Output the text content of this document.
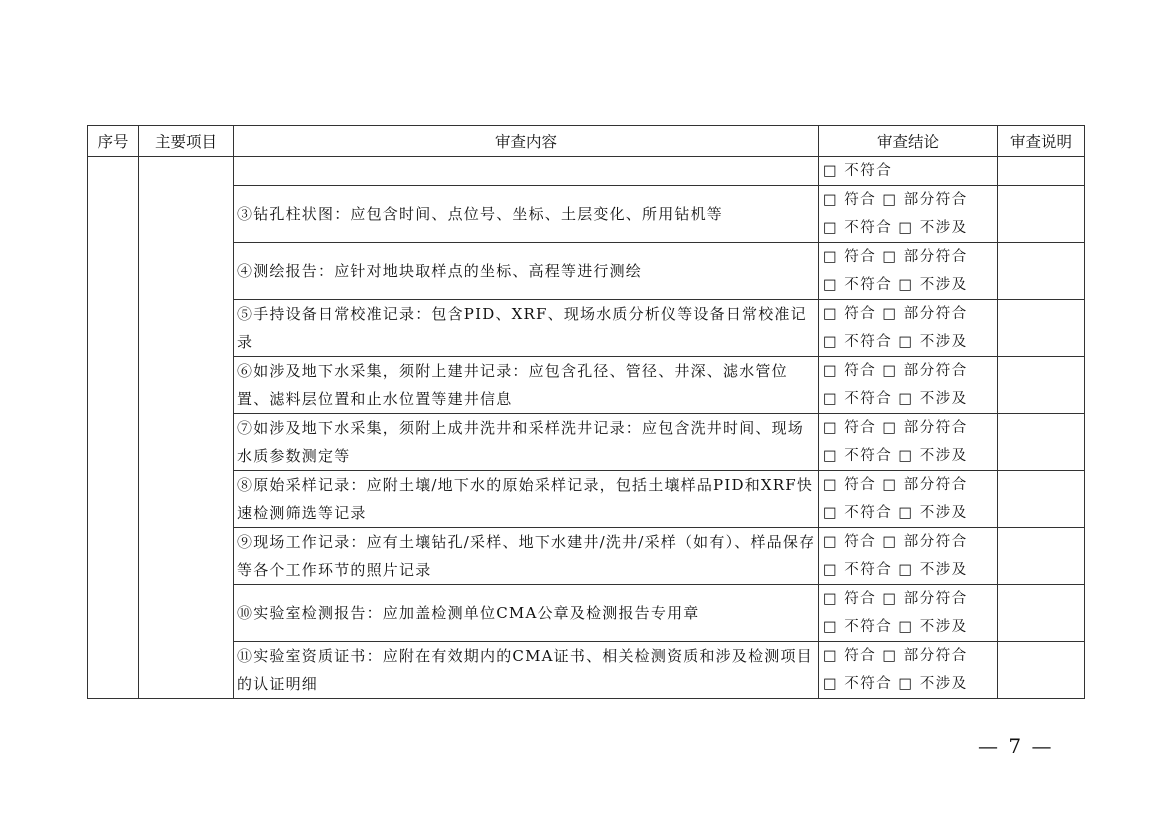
序号	主要项目	审查内容	审查结论	审查说明
			□ 不符合	
		③钻孔柱状图：应包含时间、点位号、坐标、土层变化、所用钻机等	□ 符合 □ 部分符合
□ 不符合 □ 不涉及	

		④测绘报告：应针对地块取样点的坐标、高程等进行测绘	□ 符合 □ 部分符合
□ 不符合 □ 不涉及	

		⑤手持设备日常校准记录：包含PID、XRF、现场水质分析仪等设备日常校准记录	□ 符合 □ 部分符合
□ 不符合 □ 不涉及	

		⑥如涉及地下水采集，须附上建井记录：应包含孔径、管径、井深、滤水管位置、滤料层位置和止水位置等建井信息	□ 符合 □ 部分符合
□ 不符合 □ 不涉及	

		⑦如涉及地下水采集，须附上成井洗井和采样洗井记录：应包含洗井时间、现场水质参数测定等	□ 符合 □ 部分符合
□ 不符合 □ 不涉及	

		⑧原始采样记录：应附土壤/地下水的原始采样记录，包括土壤样品PID和XRF快速检测筛选等记录	□ 符合 □ 部分符合
□ 不符合 □ 不涉及	

		⑨现场工作记录：应有土壤钻孔/采样、地下水建井/洗井/采样（如有）、样品保存等各个工作环节的照片记录	□ 符合 □ 部分符合
□ 不符合 □ 不涉及	

		⑩实验室检测报告：应加盖检测单位CMA公章及检测报告专用章	□ 符合 □ 部分符合
□ 不符合 □ 不涉及	

		⑪实验室资质证书：应附在有效期内的CMA证书、相关检测资质和涉及检测项目的认证明细	□ 符合 □ 部分符合
□ 不符合 □ 不涉及	

— 7 —
